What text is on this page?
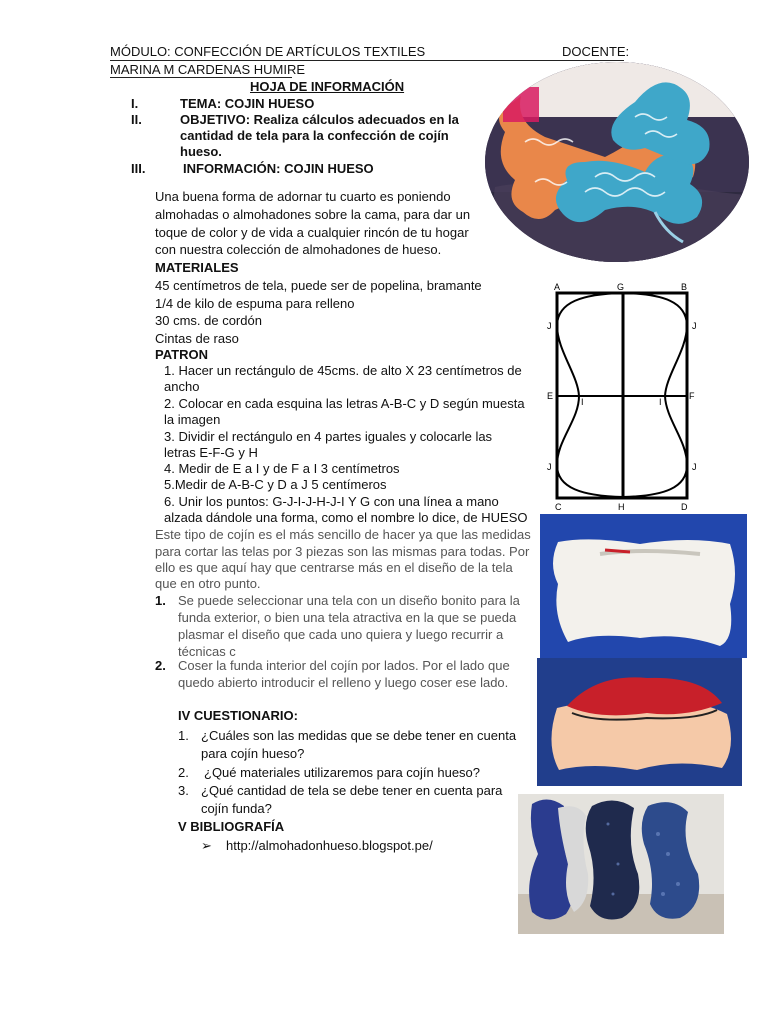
MÓDULO: CONFECCIÓN DE ARTÍCULOS TEXTILES	DOCENTE:
MARINA M CARDENAS HUMIRE
HOJA DE INFORMACIÓN
I.	TEMA: COJIN HUESO
II.	OBJETIVO: Realiza cálculos adecuados en la
cantidad de tela para la confección de cojín
hueso.
III.	INFORMACIÓN: COJIN HUESO
Una buena forma de adornar tu cuarto es poniendo
almohadas o almohadones sobre la cama, para dar un
toque de color y de vida a cualquier rincón de tu hogar
con nuestra colección de almohadones de hueso.
MATERIALES
45 centímetros de tela, puede ser de popelina, bramante
1/4 de kilo de espuma para relleno
30 cms. de cordón
Cintas de raso
PATRON
1. Hacer un rectángulo de 45cms. de alto X 23 centímetros de
ancho
2. Colocar en cada esquina las letras A-B-C y D según muesta
la imagen
3. Dividir el rectángulo en 4 partes iguales y colocarle las
letras E-F-G y H
4. Medir de E a I y de F a I 3 centímetros
5.Medir de A-B-C y D a J 5 centímeros
6. Unir los puntos: G-J-I-J-H-J-I Y G con una línea a mano
alzada dándole una forma, como el nombre lo dice, de HUESO
Este tipo de cojín es el más sencillo de hacer ya que las medidas
para cortar las telas por 3 piezas son las mismas para todas. Por
ello es que aquí hay que centrarse más en el diseño de la tela
que en otro punto.
1. Se puede seleccionar una tela con un diseño bonito para la
funda exterior, o bien una tela atractiva en la que se pueda
plasmar el diseño que cada uno quiera y luego recurrir a
técnicas c
2. Coser la funda interior del cojín por lados. Por el lado que
quedo abierto introducir el relleno y luego coser ese lado.
IV CUESTIONARIO:
1. ¿Cuáles son las medidas que se debe tener en cuenta
para cojín hueso?
2. ¿Qué materiales utilizaremos para cojín hueso?
3. ¿Qué cantidad de tela se debe tener en cuenta para
cojín funda?
V BIBLIOGRAFÍA
➢ http://almohadonhueso.blogspot.pe/
A	G	B
J	J
E	F
I	I
J	J
C	H	D
